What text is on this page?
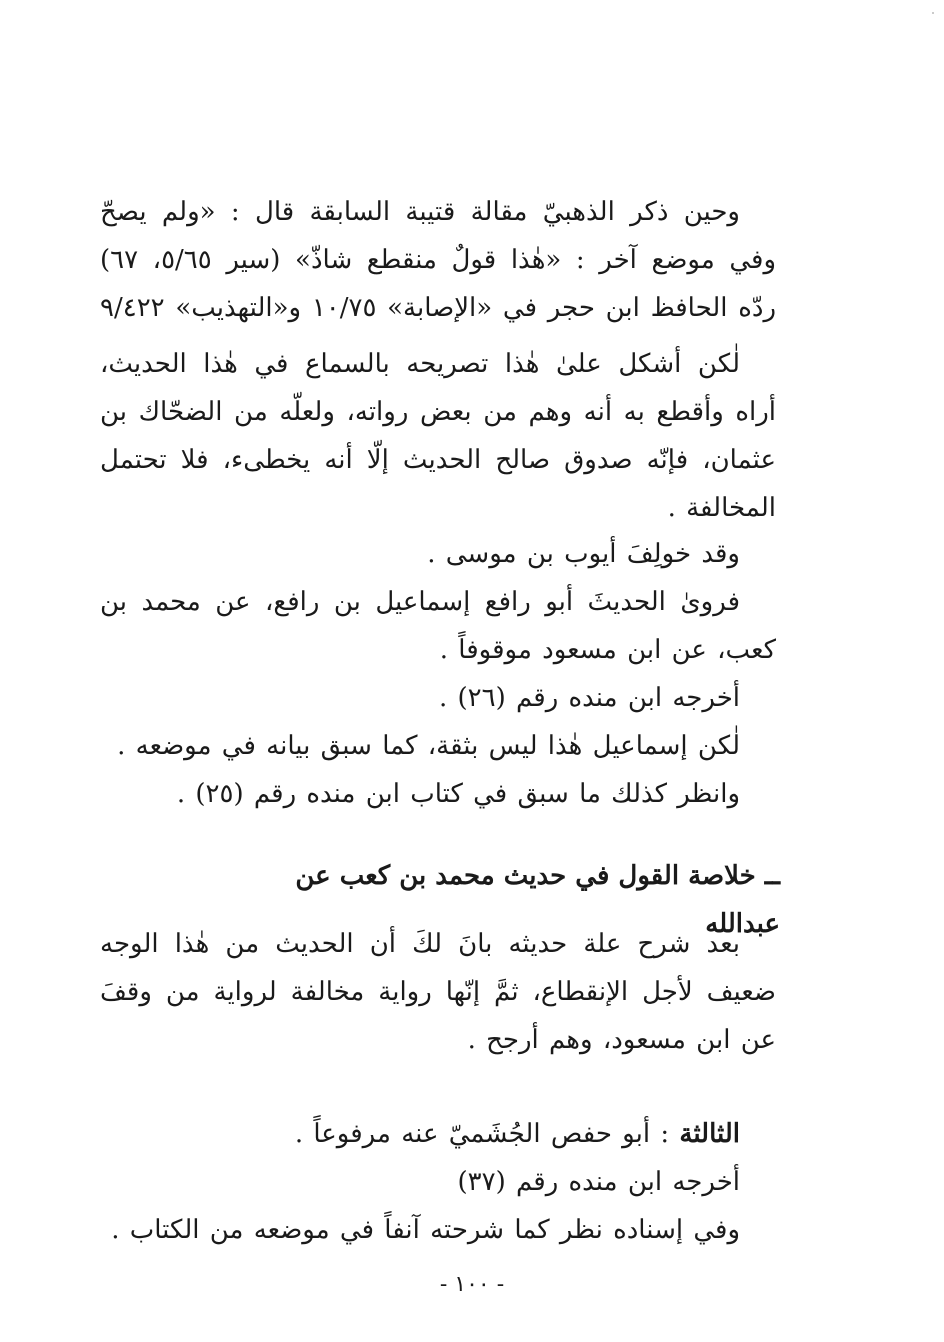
وحين ذكر الذهبيّ مقالة قتيبة السابقة قال : «ولم يصحّ
وفي موضع آخر : «هٰذا قولٌ منقطع شاذّ» (سير ٥/٦٥، ٦٧)
ردّه الحافظ ابن حجر في «الإصابة» ١٠/٧٥ و«التهذيب» ٩/٤٢٢
لٰكن أشكل علىٰ هٰذا تصريحه بالسماع في هٰذا الحديث،
أراه وأقطع به أنه وهم من بعض رواته، ولعلّه من الضحّاك بن
عثمان، فإنّه صدوق صالح الحديث إلّا أنه يخطىء، فلا تحتمل
المخالفة .
وقد خولِفَ أيوب بن موسى .
فرویٰ الحديثَ أبو رافع إسماعيل بن رافع، عن محمد بن
كعب، عن ابن مسعود موقوفاً .
أخرجه ابن منده رقم (٢٦) .
لٰكن إسماعيل هٰذا ليس بثقة، كما سبق بيانه في موضعه .
وانظر كذلك ما سبق في كتاب ابن منده رقم (٢٥) .
ــ خلاصة القول في حديث محمد بن كعب عن عبدالله
بعد شرح علة حديثه بانَ لكَ أن الحديث من هٰذا الوجه
ضعيف لأجل الإنقطاع، ثمَّ إنّها رواية مخالفة لرواية من وقفَ
عن ابن مسعود، وهم أرجح .
الثالثة : أبو حفص الجُشَميّ عنه مرفوعاً .
أخرجه ابن منده رقم (٣٧)
وفي إسناده نظر كما شرحته آنفاً في موضعه من الكتاب .
- ١٠٠ -
